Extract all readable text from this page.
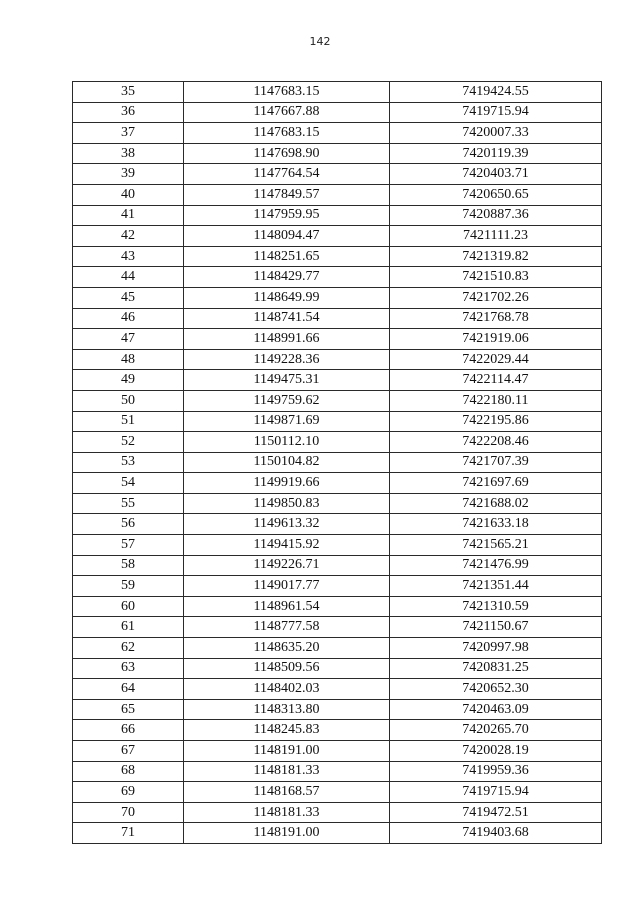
142
35	1147683.15	7419424.55
36	1147667.88	7419715.94
37	1147683.15	7420007.33
38	1147698.90	7420119.39
39	1147764.54	7420403.71
40	1147849.57	7420650.65
41	1147959.95	7420887.36
42	1148094.47	7421111.23
43	1148251.65	7421319.82
44	1148429.77	7421510.83
45	1148649.99	7421702.26
46	1148741.54	7421768.78
47	1148991.66	7421919.06
48	1149228.36	7422029.44
49	1149475.31	7422114.47
50	1149759.62	7422180.11
51	1149871.69	7422195.86
52	1150112.10	7422208.46
53	1150104.82	7421707.39
54	1149919.66	7421697.69
55	1149850.83	7421688.02
56	1149613.32	7421633.18
57	1149415.92	7421565.21
58	1149226.71	7421476.99
59	1149017.77	7421351.44
60	1148961.54	7421310.59
61	1148777.58	7421150.67
62	1148635.20	7420997.98
63	1148509.56	7420831.25
64	1148402.03	7420652.30
65	1148313.80	7420463.09
66	1148245.83	7420265.70
67	1148191.00	7420028.19
68	1148181.33	7419959.36
69	1148168.57	7419715.94
70	1148181.33	7419472.51
71	1148191.00	7419403.68
